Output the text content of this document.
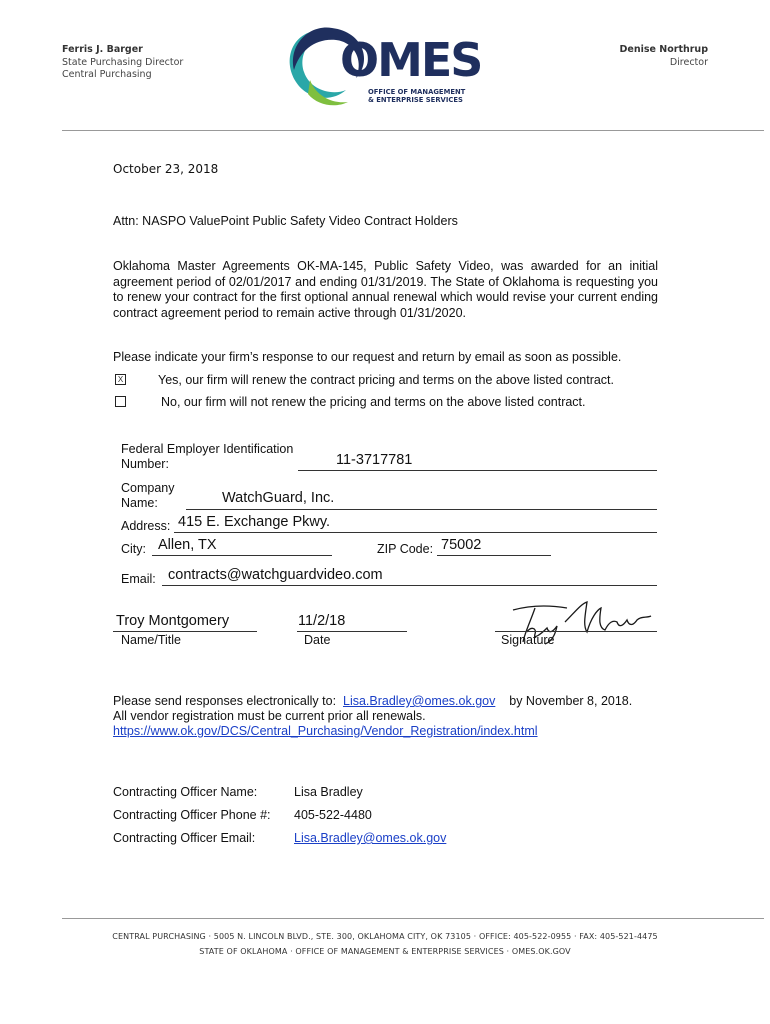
Ferris J. Barger
State Purchasing Director
Central Purchasing	OMES
OFFICE OF MANAGEMENT
& ENTERPRISE SERVICES
Denise Northrup
Director
October 23, 2018
Attn: NASPO ValuePoint Public Safety Video Contract Holders
Oklahoma Master Agreements OK-MA-145, Public Safety Video, was awarded for an initial agreement period of 02/01/2017 and ending 01/31/2019. The State of Oklahoma is requesting you to renew your contract for the first optional annual renewal which would revise your current ending contract agreement period to remain active through 01/31/2020.
Please indicate your firm’s response to our request and return by email as soon as possible.
X	Yes, our firm will renew the contract pricing and terms on the above listed contract.
No, our firm will not renew the pricing and terms on the above listed contract.
Federal Employer Identification
Number:	11-3717781
Company
Name:	WatchGuard, Inc.
Address: 415 E. Exchange Pkwy.
City: Allen, TX	ZIP Code: 75002
Email: contracts@watchguardvideo.com
Troy Montgomery
Name/Title
11/2/18
Date	Signature
Please send responses electronically to: Lisa.Bradley@omes.ok.gov by November 8, 2018.
All vendor registration must be current prior all renewals.
https://www.ok.gov/DCS/Central_Purchasing/Vendor_Registration/index.html
Contracting Officer Name:	Lisa Bradley
Contracting Officer Phone #: 405-522-4480
Contracting Officer Email:	Lisa.Bradley@omes.ok.gov
CENTRAL PURCHASING · 5005 N. LINCOLN BLVD., STE. 300, OKLAHOMA CITY, OK 73105 · OFFICE: 405-522-0955 · FAX: 405-521-4475
STATE OF OKLAHOMA · OFFICE OF MANAGEMENT & ENTERPRISE SERVICES · OMES.OK.GOV
